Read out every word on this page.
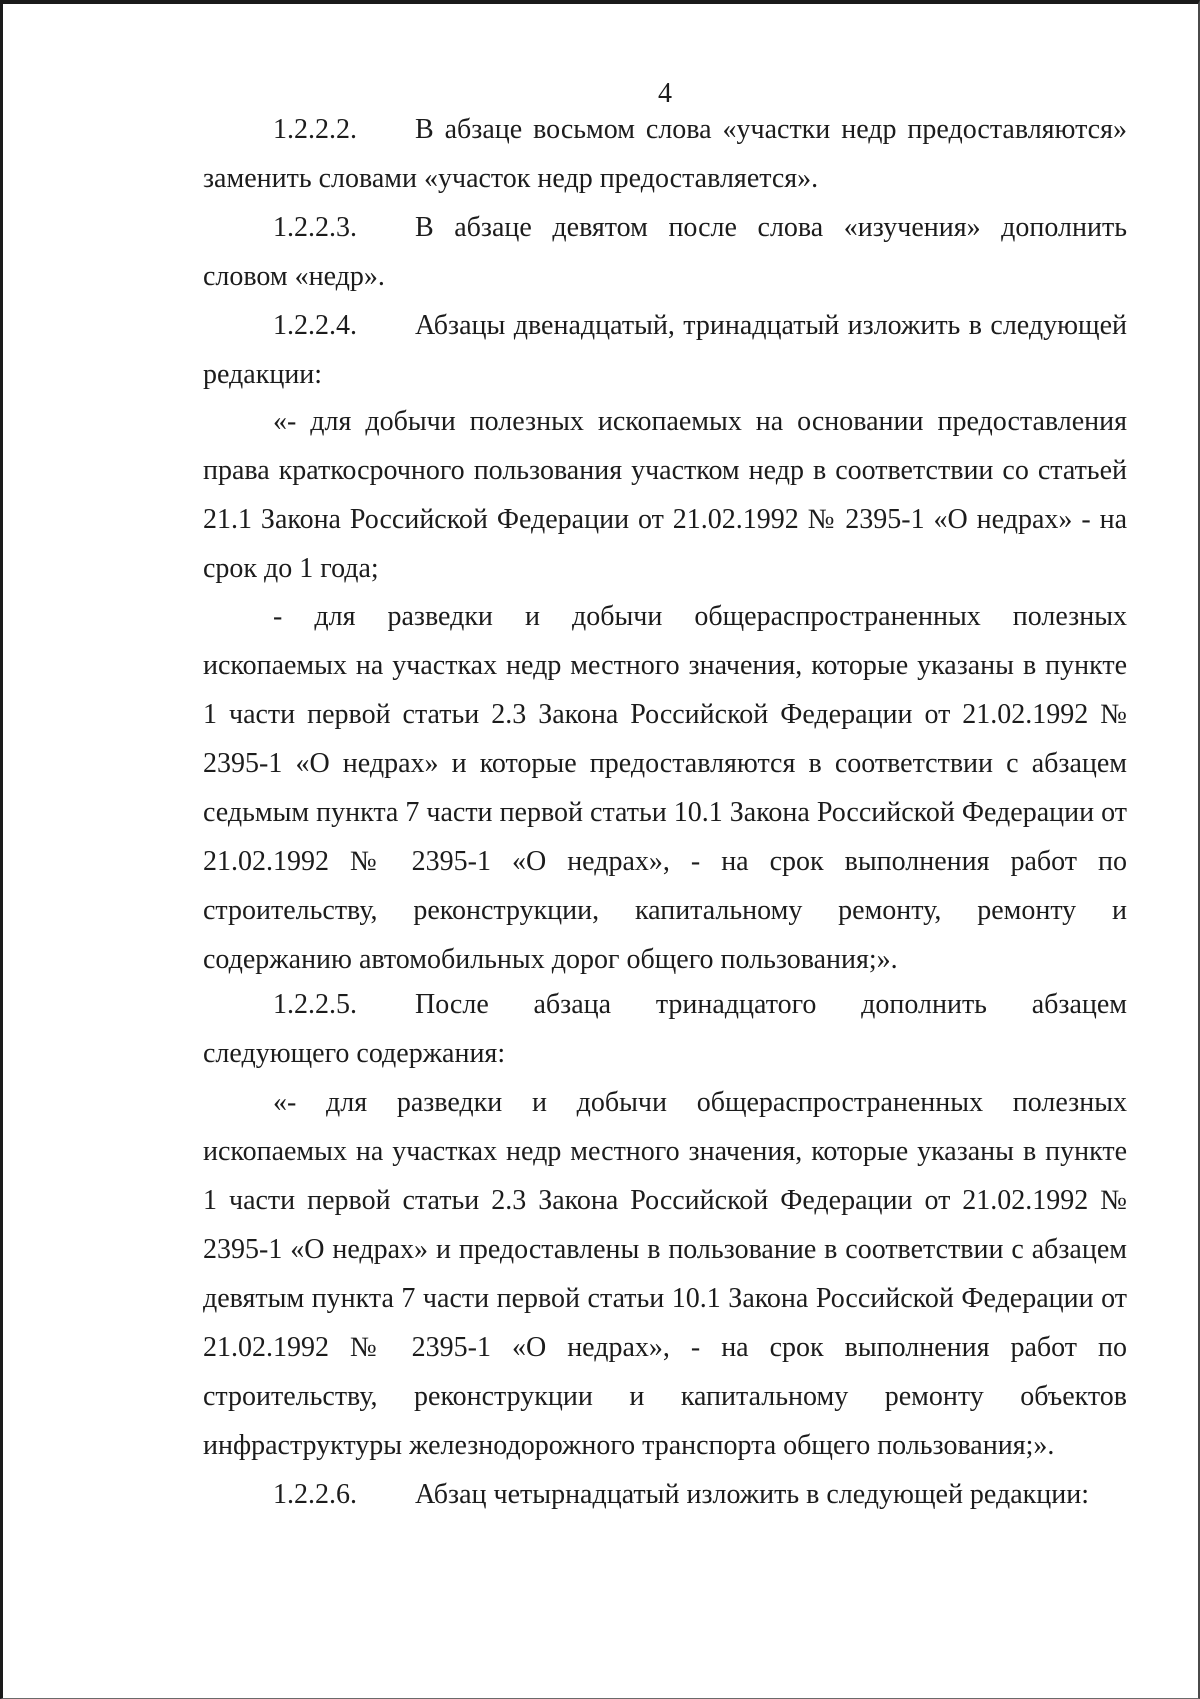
4

1.2.2.2. В абзаце восьмом слова «участки недр предоставляются» заменить словами «участок недр предоставляется».

1.2.2.3. В абзаце девятом после слова «изучения» дополнить словом «недр».

1.2.2.4. Абзацы двенадцатый, тринадцатый изложить в следующей редакции:

«- для добычи полезных ископаемых на основании предоставления права краткосрочного пользования участком недр в соответствии со статьей 21.1 Закона Российской Федерации от 21.02.1992 № 2395-1 «О недрах» - на срок до 1 года;

- для разведки и добычи общераспространенных полезных ископаемых на участках недр местного значения, которые указаны в пункте 1 части первой статьи 2.3 Закона Российской Федерации от 21.02.1992 № 2395-1 «О недрах» и которые предоставляются в соответствии с абзацем седьмым пункта 7 части первой статьи 10.1 Закона Российской Федерации от 21.02.1992 № 2395-1 «О недрах», - на срок выполнения работ по строительству, реконструкции, капитальному ремонту, ремонту и содержанию автомобильных дорог общего пользования;».

1.2.2.5. После абзаца тринадцатого дополнить абзацем следующего содержания:

«- для разведки и добычи общераспространенных полезных ископаемых на участках недр местного значения, которые указаны в пункте 1 части первой статьи 2.3 Закона Российской Федерации от 21.02.1992 № 2395-1 «О недрах» и предоставлены в пользование в соответствии с абзацем девятым пункта 7 части первой статьи 10.1 Закона Российской Федерации от 21.02.1992 № 2395-1 «О недрах», - на срок выполнения работ по строительству, реконструкции и капитальному ремонту объектов инфраструктуры железнодорожного транспорта общего пользования;».

1.2.2.6. Абзац четырнадцатый изложить в следующей редакции:
